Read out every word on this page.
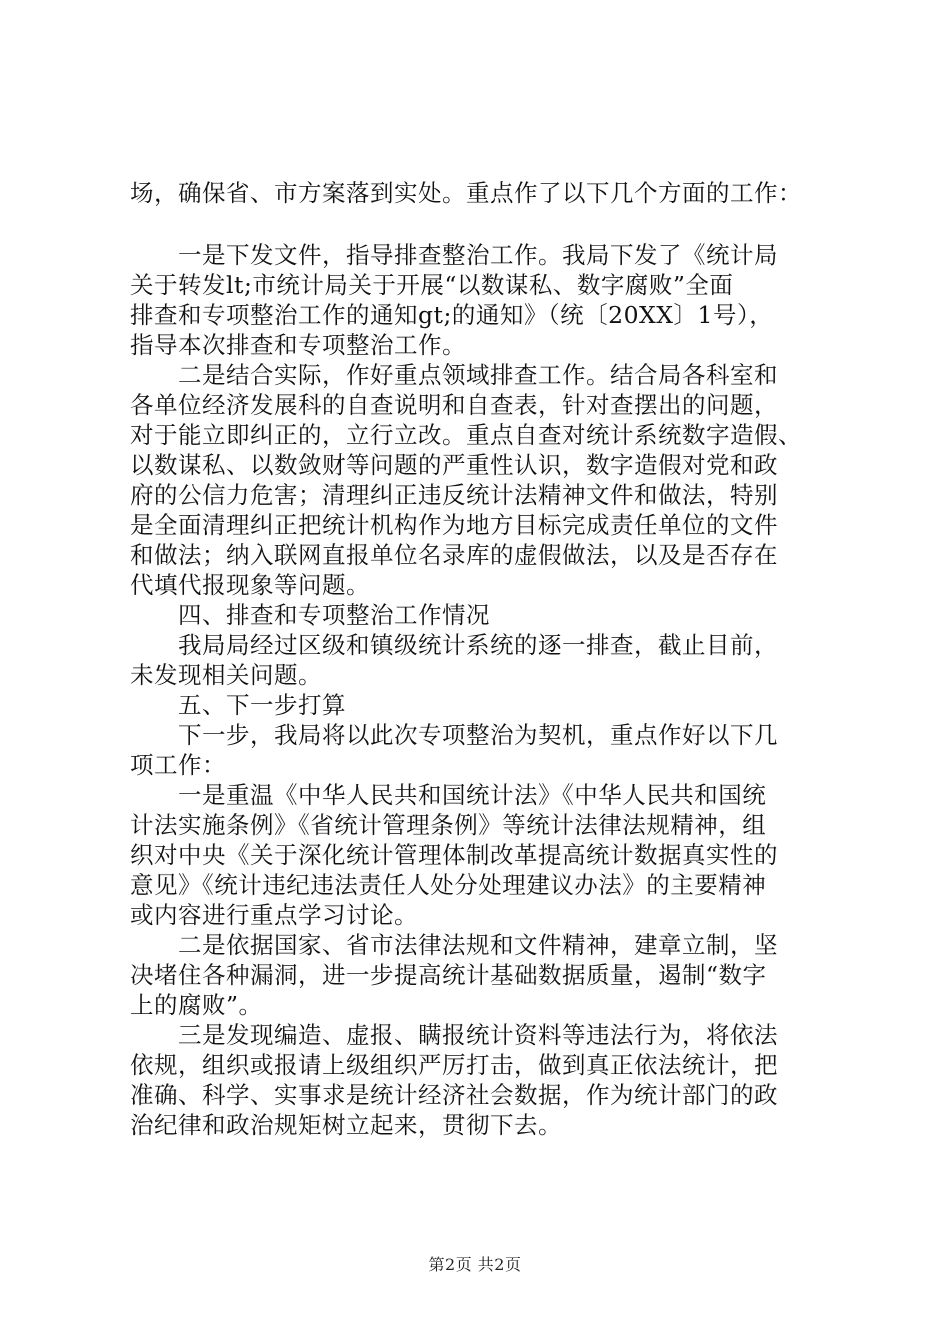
场，确保省、市方案落到实处。重点作了以下几个方面的工作：
　　一是下发文件，指导排查整治工作。我局下发了《统计局
关于转发lt;市统计局关于开展“以数谋私、数字腐败”全面
排查和专项整治工作的通知gt;的通知》（统〔20XX〕1号），
指导本次排查和专项整治工作。
　　二是结合实际，作好重点领域排查工作。结合局各科室和
各单位经济发展科的自查说明和自查表，针对查摆出的问题，
对于能立即纠正的，立行立改。重点自查对统计系统数字造假、
以数谋私、以数敛财等问题的严重性认识，数字造假对党和政
府的公信力危害；清理纠正违反统计法精神文件和做法，特别
是全面清理纠正把统计机构作为地方目标完成责任单位的文件
和做法；纳入联网直报单位名录库的虚假做法，以及是否存在
代填代报现象等问题。
　　四、排查和专项整治工作情况
　　我局局经过区级和镇级统计系统的逐一排查，截止目前，
未发现相关问题。
　　五、下一步打算
　　下一步，我局将以此次专项整治为契机，重点作好以下几
项工作：
　　一是重温《中华人民共和国统计法》《中华人民共和国统
计法实施条例》《省统计管理条例》等统计法律法规精神，组
织对中央《关于深化统计管理体制改革提高统计数据真实性的
意见》《统计违纪违法责任人处分处理建议办法》的主要精神
或内容进行重点学习讨论。
　　二是依据国家、省市法律法规和文件精神，建章立制，坚
决堵住各种漏洞，进一步提高统计基础数据质量，遏制“数字
上的腐败”。
　　三是发现编造、虚报、瞒报统计资料等违法行为，将依法
依规，组织或报请上级组织严厉打击，做到真正依法统计，把
准确、科学、实事求是统计经济社会数据，作为统计部门的政
治纪律和政治规矩树立起来，贯彻下去。
第2页 共2页
